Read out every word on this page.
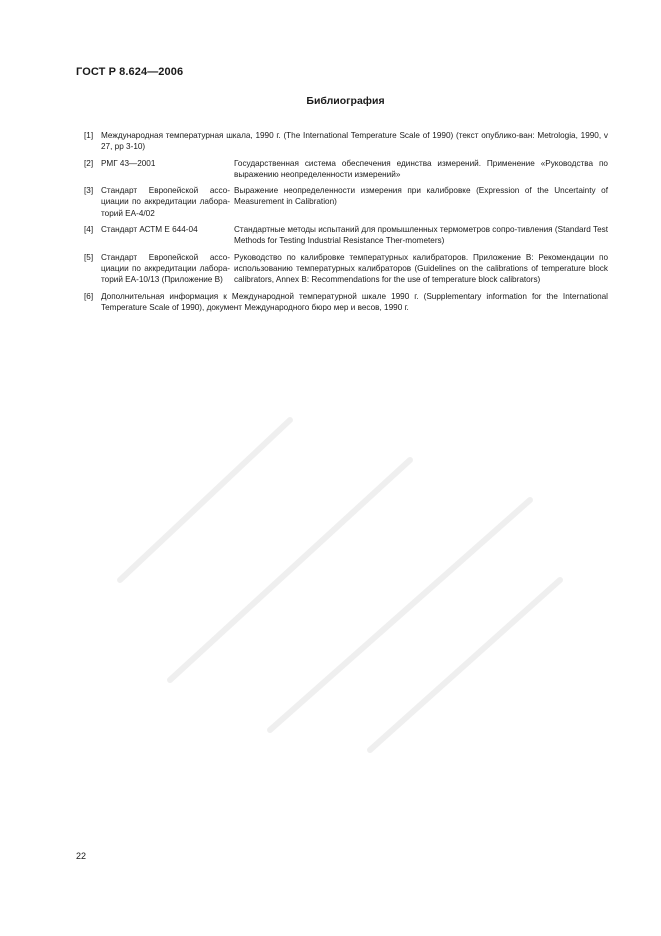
ГОСТ Р 8.624—2006
Библиография
[1] Международная температурная шкала, 1990 г. (The International Temperature Scale of 1990) (текст опублико-ван: Metrologia, 1990, v 27, pp 3-10)
[2] РМГ 43—2001	Государственная система обеспечения единства измерений. Применение «Руководства по выражению неопределенности измерений»
[3] Стандарт Европейской ассо-циации по аккредитации лабора-торий EA-4/02
Выражение неопределенности измерения при калибровке (Expression of the Uncertainty of Measurement in Calibration)
[4] Стандарт АСТМ Е 644-04	Стандартные методы испытаний для промышленных термометров сопро-тивления (Standard Test Methods for Testing Industrial Resistance Ther-mometers)
[5] Стандарт Европейской ассо-циации по аккредитации лабора-торий EA-10/13 (Приложение В)
Руководство по калибровке температурных калибраторов. Приложение В: Рекомендации по использованию температурных калибраторов (Guidelines on the calibrations of temperature block calibrators, Annex B: Recommendations for the use of temperature block calibrators)
[6] Дополнительная информация к Международной температурной шкале 1990 г. (Supplementary information for the International Temperature Scale of 1990), документ Международного бюро мер и весов, 1990 г.
22
